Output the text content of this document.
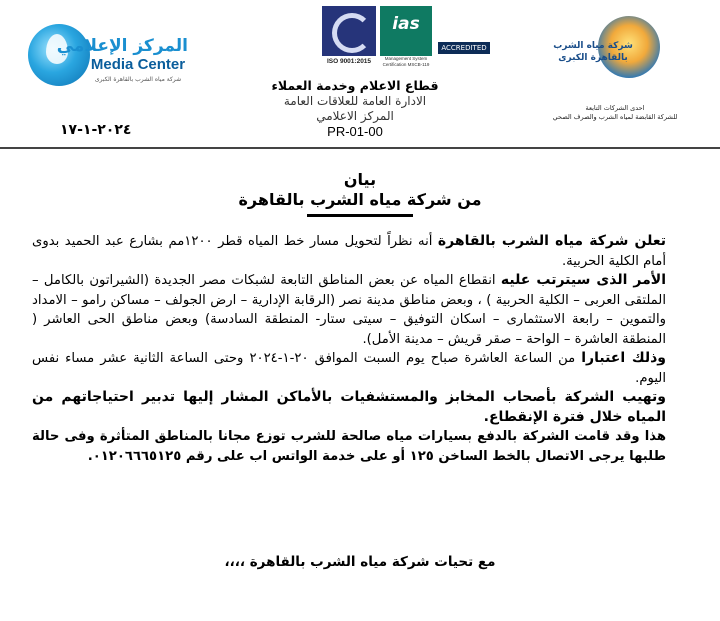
المركز الإعلامي
Media Center
شركة مياه الشرب بالقاهرة الكبرى
ias
ACCREDITED
ISO 9001:2015	Management System Certification MSCB-119
شركة مياه الشرب بالقاهرة الكبرى
احدى الشركات التابعة
للشركة القابضة لمياه الشرب والصرف الصحي
قطاع الاعلام وخدمة العملاء
الادارة العامة للعلاقات العامة
المركز الاعلامي
PR-01-00
٢٠٢٤-١-١٧
بيان
من شركة مياه الشرب بالقاهرة

تعلن شركة مياه الشرب بالقاهرة أنه نظراً لتحويل مسار خط المياه قطر ١٢٠٠مم بشارع عبد الحميد بدوى أمام الكلية الحربية.

الأمر الذى سيترتب عليه انقطاع المياه عن بعض المناطق التابعة لشبكات مصر الجديدة (الشيراتون بالكامل – الملتقى العربى – الكلية الحربية ) ، وبعض مناطق مدينة نصر (الرقابة الإدارية – ارض الجولف – مساكن رامو – الامداد والتموين – رابعة الاستثمارى – اسكان التوفيق – سيتى ستار- المنطقة السادسة) وبعض مناطق الحى العاشر ( المنطقة العاشرة – الواحة – صقر قريش – مدينة الأمل).

وذلك اعتبارا من الساعة العاشرة صباح يوم السبت الموافق ٢٠-١-٢٠٢٤ وحتى الساعة الثانية عشر مساء نفس اليوم.

وتهيب الشركة بأصحاب المخابز والمستشفيات بالأماكن المشار إليها تدبير احتياجاتهم من المياه خلال فترة الإنقطاع.

هذا وقد قامت الشركة بالدفع بسيارات مياه صالحة للشرب توزع مجانا بالمناطق المتأثرة وفى حالة طلبها يرجى الاتصال بالخط الساخن ١٢٥ أو على خدمة الواتس اب على رقم ٠١٢٠٦٦٦٥١٢٥.

مع تحيات شركة مياه الشرب بالقاهرة ،،،،
